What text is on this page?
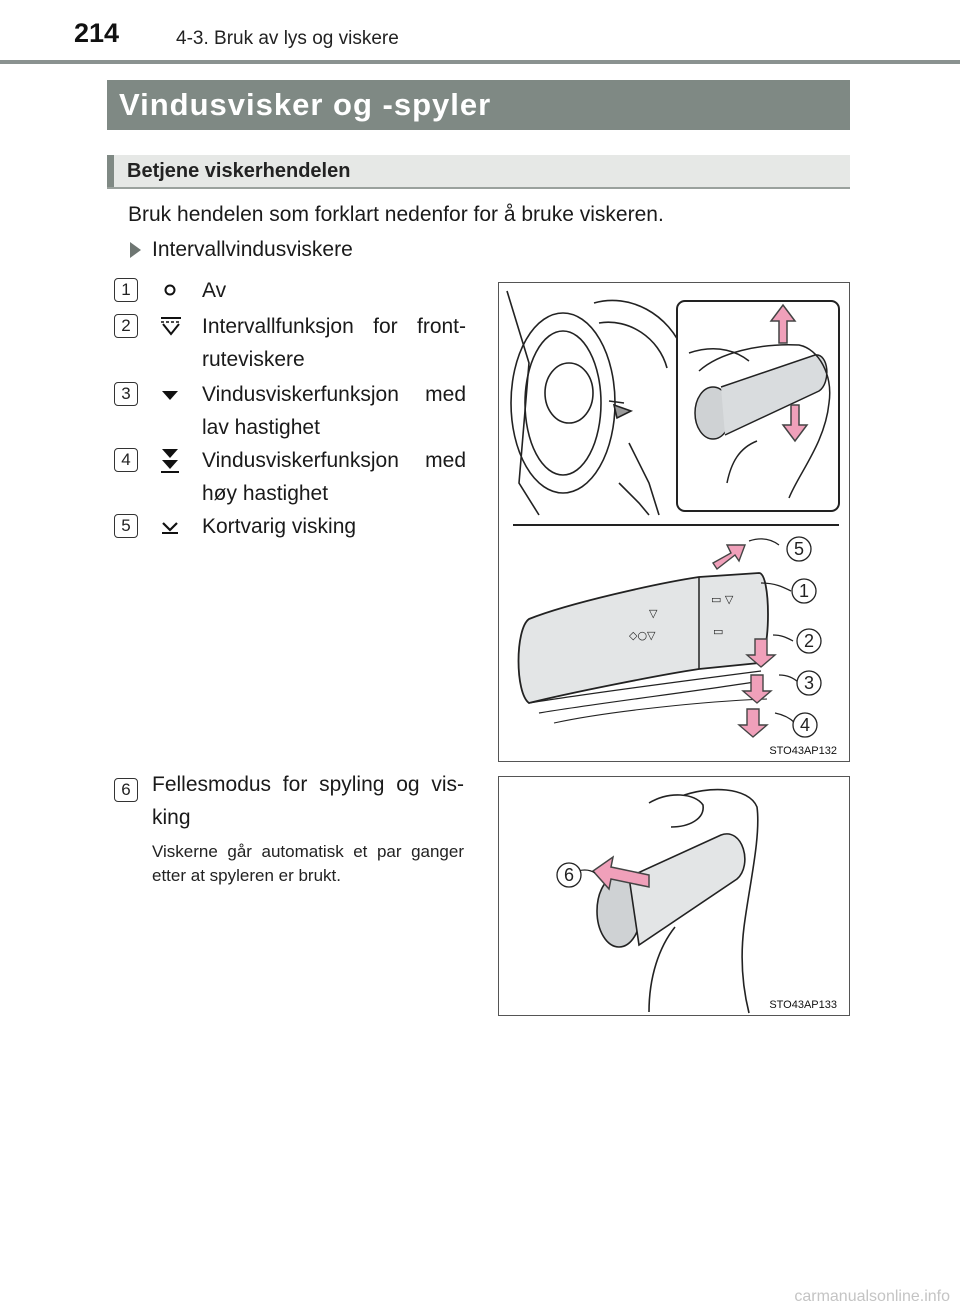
214	4-3. Bruk av lys og viskere
Vindusvisker og -spyler
Betjene viskerhendelen
Bruk hendelen som forklart nedenfor for å bruke viskeren.
Intervallvindusviskere
1	Av
2	Intervallfunksjon for front-ruteviskere
3	Vindusviskerfunksjon med lav hastighet
4	Vindusviskerfunksjon med høy hastighet
5	Kortvarig visking
▽
◇○▽
▭ ▽
▭
5
1
2
3
4
STO43AP132
6	Fellesmodus for spyling og vis-king
Viskerne går automatisk et par ganger etter at spyleren er brukt.	6
STO43AP133
carmanualsonline.info
